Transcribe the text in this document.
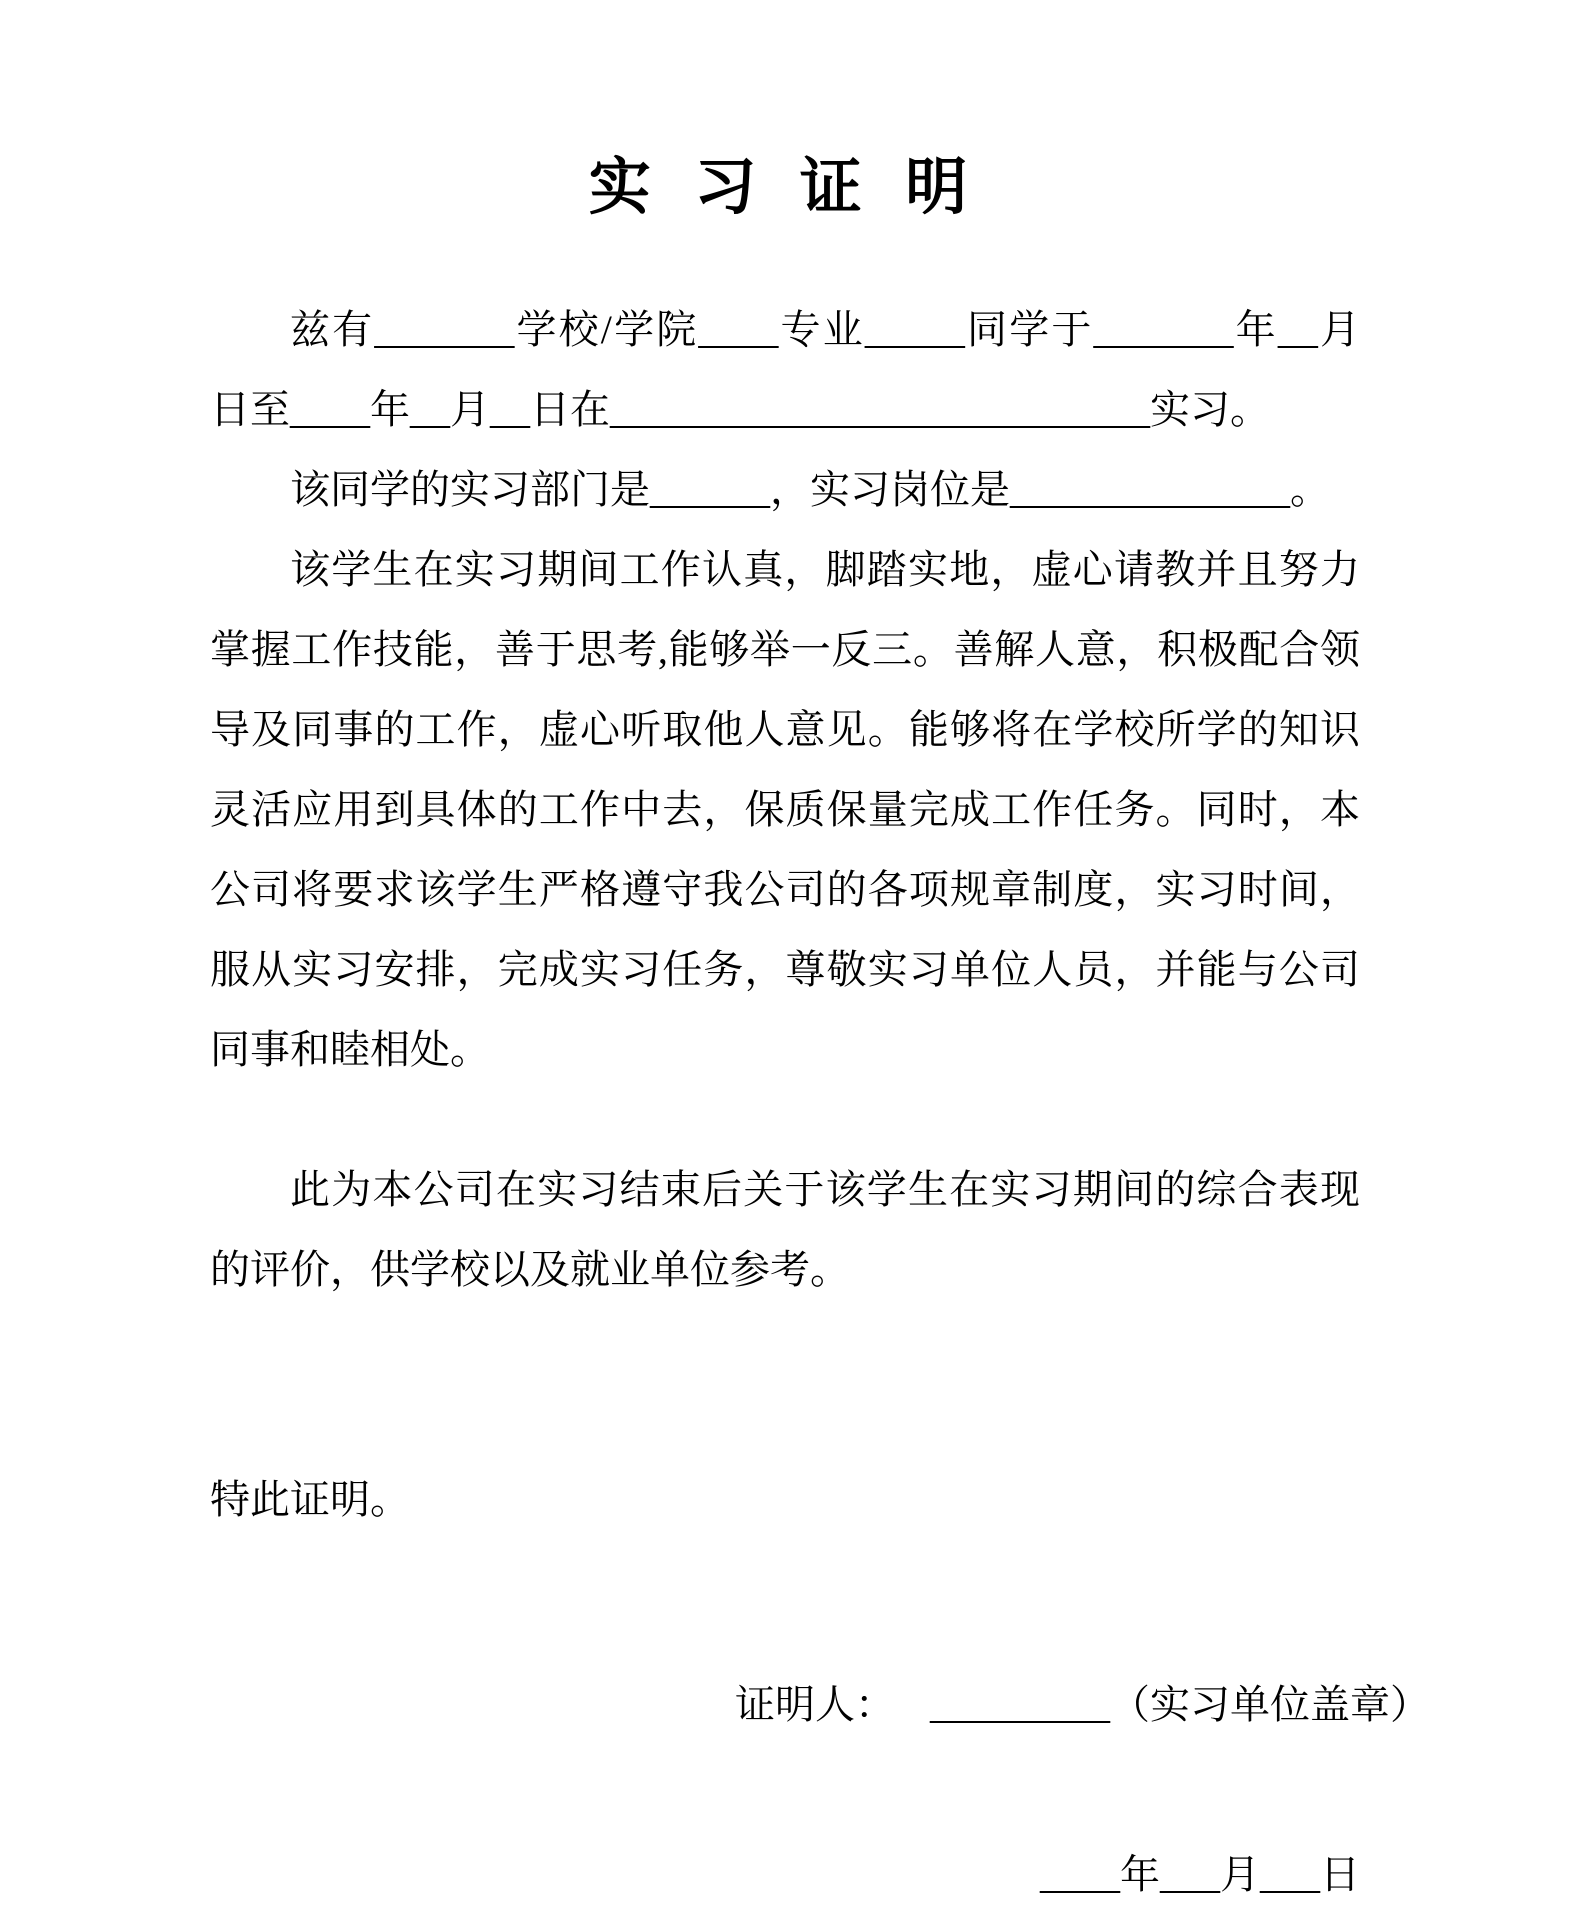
实 习 证 明

兹有_______学校/学院____专业_____同学于_______年__月日至____年__月__日在___________________________实习。

该同学的实习部门是______，实习岗位是______________。

该学生在实习期间工作认真，脚踏实地，虚心请教并且努力掌握工作技能，善于思考,能够举一反三。善解人意，积极配合领导及同事的工作，虚心听取他人意见。能够将在学校所学的知识灵活应用到具体的工作中去，保质保量完成工作任务。同时，本公司将要求该学生严格遵守我公司的各项规章制度，实习时间，服从实习安排，完成实习任务，尊敬实习单位人员，并能与公司同事和睦相处。

此为本公司在实习结束后关于该学生在实习期间的综合表现的评价，供学校以及就业单位参考。

特此证明。

证明人： _________（实习单位盖章）

____年___月___日
